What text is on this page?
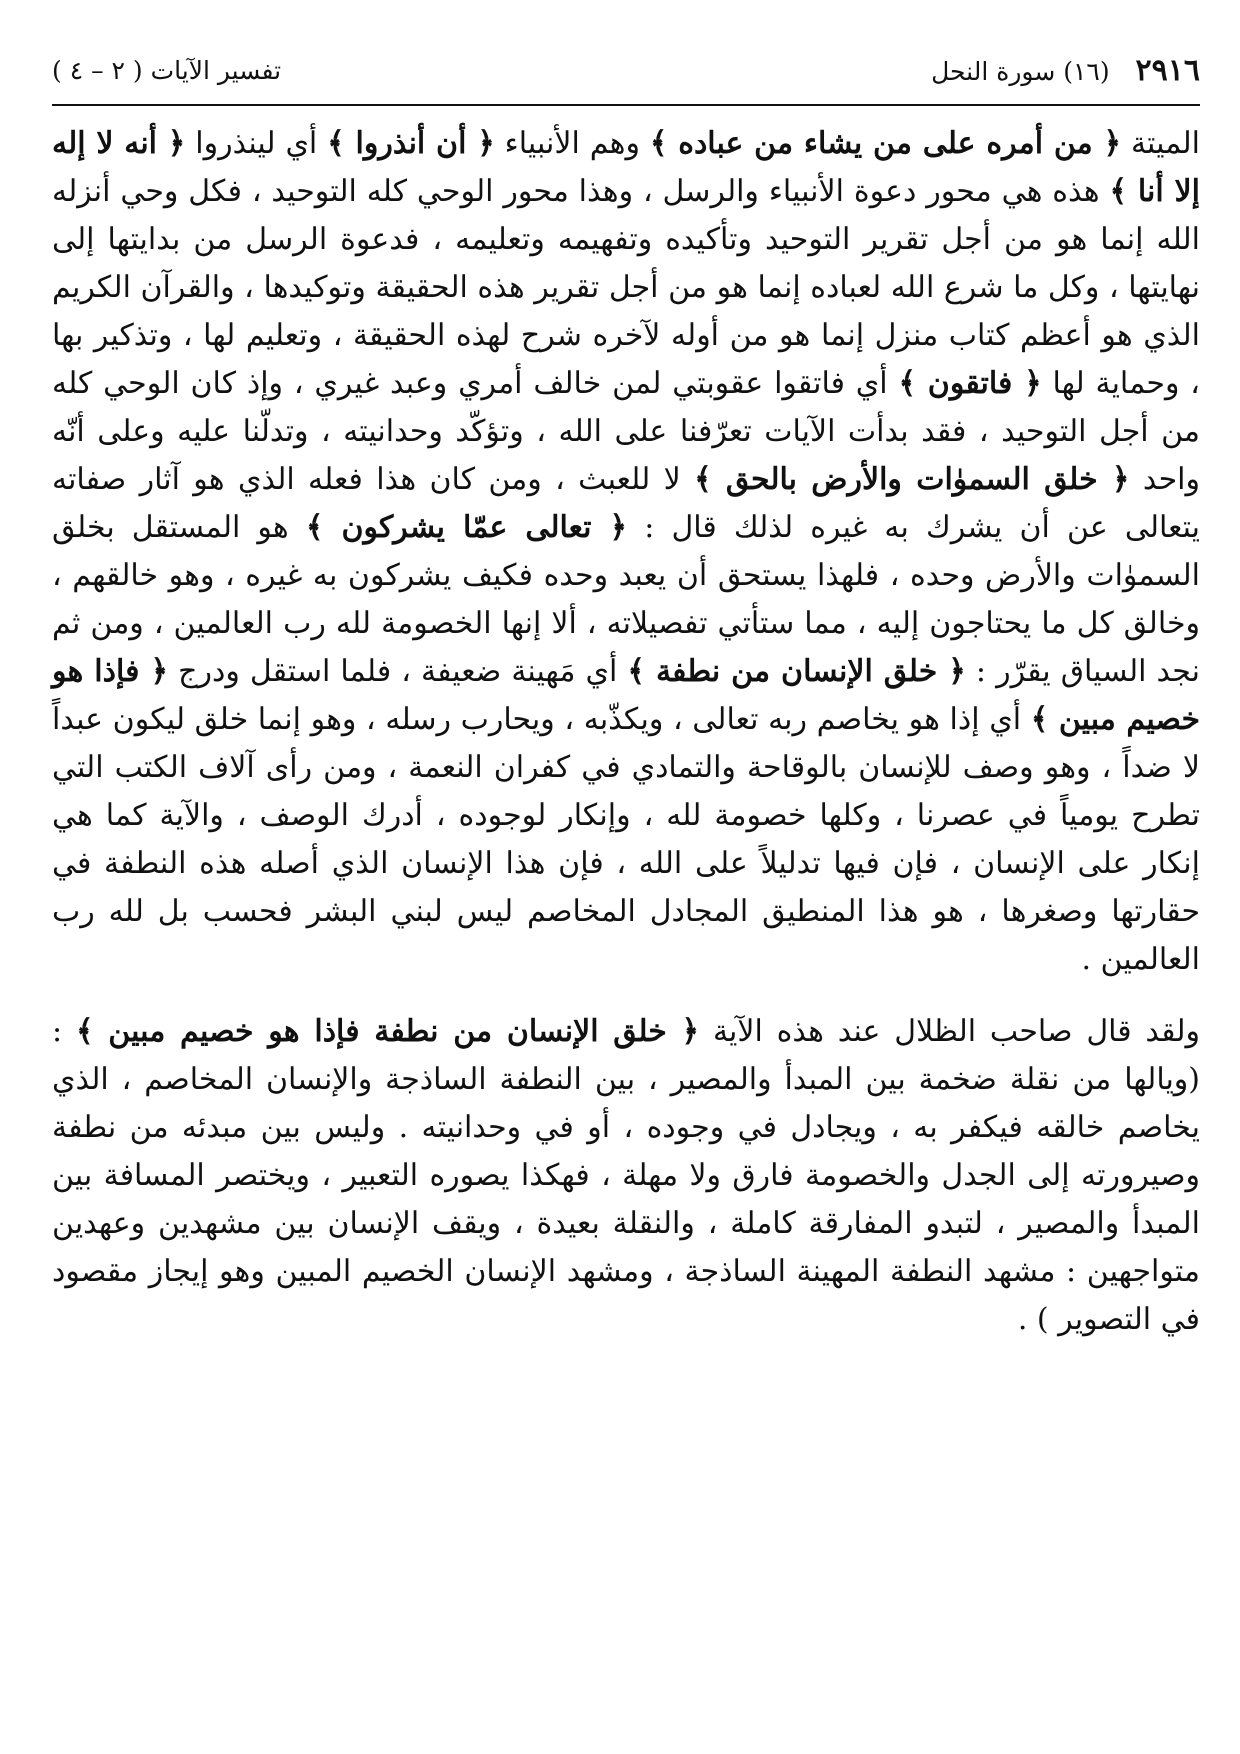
٢٩١٦ (١٦) سورة النحل
تفسير الآيات ( ٢ – ٤ )

الميتة ﴿ من أمره على من يشاء من عباده ﴾ وهم الأنبياء ﴿ أن أنذروا ﴾ أي لينذروا ﴿ أنه لا إله إلا أنا ﴾ هذه هي محور دعوة الأنبياء والرسل ، وهذا محور الوحي كله التوحيد ، فكل وحي أنزله الله إنما هو من أجل تقرير التوحيد وتأكيده وتفهيمه وتعليمه ، فدعوة الرسل من بدايتها إلى نهايتها ، وكل ما شرع الله لعباده إنما هو من أجل تقرير هذه الحقيقة وتوكيدها ، والقرآن الكريم الذي هو أعظم كتاب منزل إنما هو من أوله لآخره شرح لهذه الحقيقة ، وتعليم لها ، وتذكير بها ، وحماية لها ﴿ فاتقون ﴾ أي فاتقوا عقوبتي لمن خالف أمري وعبد غيري ، وإذ كان الوحي كله من أجل التوحيد ، فقد بدأت الآيات تعرّفنا على الله ، وتؤكّد وحدانيته ، وتدلّنا عليه وعلى أنّه واحد ﴿ خلق السموٰات والأرض بالحق ﴾ لا للعبث ، ومن كان هذا فعله الذي هو آثار صفاته يتعالى عن أن يشرك به غيره لذلك قال : ﴿ تعالى عمّا يشركون ﴾ هو المستقل بخلق السموٰات والأرض وحده ، فلهذا يستحق أن يعبد وحده فكيف يشركون به غيره ، وهو خالقهم ، وخالق كل ما يحتاجون إليه ، مما ستأتي تفصيلاته ، ألا إنها الخصومة لله رب العالمين ، ومن ثم نجد السياق يقرّر : ﴿ خلق الإنسان من نطفة ﴾ أي مَهينة ضعيفة ، فلما استقل ودرج ﴿ فإذا هو خصيم مبين ﴾ أي إذا هو يخاصم ربه تعالى ، ويكذّبه ، ويحارب رسله ، وهو إنما خلق ليكون عبداً لا ضداً ، وهو وصف للإنسان بالوقاحة والتمادي في كفران النعمة ، ومن رأى آلاف الكتب التي تطرح يومياً في عصرنا ، وكلها خصومة لله ، وإنكار لوجوده ، أدرك الوصف ، والآية كما هي إنكار على الإنسان ، فإن فيها تدليلاً على الله ، فإن هذا الإنسان الذي أصله هذه النطفة في حقارتها وصغرها ، هو هذا المنطيق المجادل المخاصم ليس لبني البشر فحسب بل لله رب العالمين .

ولقد قال صاحب الظلال عند هذه الآية ﴿ خلق الإنسان من نطفة فإذا هو خصيم مبين ﴾ : (ويالها من نقلة ضخمة بين المبدأ والمصير ، بين النطفة الساذجة والإنسان المخاصم ، الذي يخاصم خالقه فيكفر به ، ويجادل في وجوده ، أو في وحدانيته . وليس بين مبدئه من نطفة وصيرورته إلى الجدل والخصومة فارق ولا مهلة ، فهكذا يصوره التعبير ، ويختصر المسافة بين المبدأ والمصير ، لتبدو المفارقة كاملة ، والنقلة بعيدة ، ويقف الإنسان بين مشهدين وعهدين متواجهين : مشهد النطفة المهينة الساذجة ، ومشهد الإنسان الخصيم المبين وهو إيجاز مقصود في التصوير ) .
